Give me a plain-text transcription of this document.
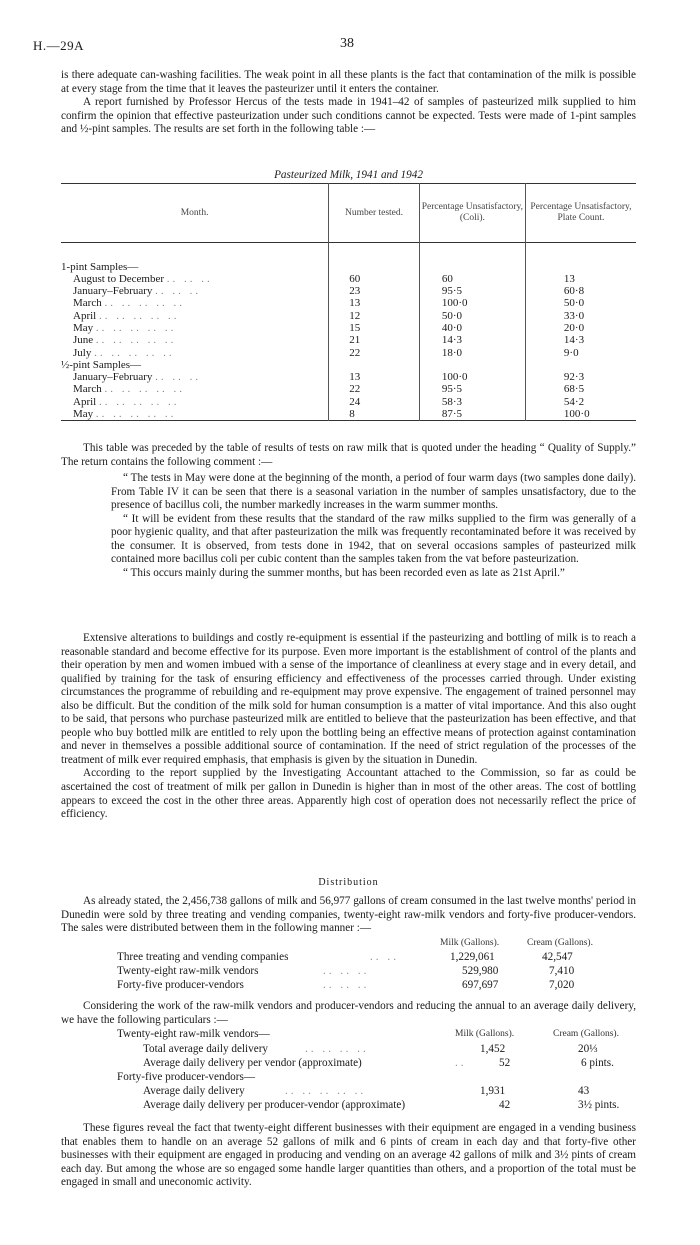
H.—29A	38

is there adequate can-washing facilities. The weak point in all these plants is the fact that contamination of the milk is possible at every stage from the time that it leaves the pasteurizer until it enters the container.

A report furnished by Professor Hercus of the tests made in 1941–42 of samples of pasteurized milk supplied to him confirm the opinion that effective pasteurization under such conditions cannot be expected. Tests were made of 1-pint samples and ½-pint samples. The results are set forth in the following table :—

Pasteurized Milk, 1941 and 1942
Month.	Number tested.	Percentage Unsatisfactory, (Coli).	Percentage Unsatisfactory, Plate Count.

1-pint Samples—			
August to December .. .. ..	60	60	13
January–February .. .. ..	23	95·5	60·8
March .. .. .. .. ..	13	100·0	50·0
April .. .. .. .. ..	12	50·0	33·0
May .. .. .. .. ..	15	40·0	20·0
June .. .. .. .. ..	21	14·3	14·3
July .. .. .. .. ..	22	18·0	9·0
½-pint Samples—			
January–February .. .. ..	13	100·0	92·3
March .. .. .. .. ..	22	95·5	68·5
April .. .. .. .. ..	24	58·3	54·2
May .. .. .. .. ..	8	87·5	100·0

This table was preceded by the table of results of tests on raw milk that is quoted under the heading “ Quality of Supply.” The return contains the following comment :—

“ The tests in May were done at the beginning of the month, a period of four warm days (two samples done daily). From Table IV it can be seen that there is a seasonal variation in the number of samples unsatisfactory, due to the presence of bacillus coli, the number markedly increases in the warm summer months.

“ It will be evident from these results that the standard of the raw milks supplied to the firm was generally of a poor hygienic quality, and that after pasteurization the milk was frequently recontaminated before it was received by the consumer. It is observed, from tests done in 1942, that on several occasions samples of pasteurized milk contained more bacillus coli per cubic content than the samples taken from the vat before pasteurization.

“ This occurs mainly during the summer months, but has been recorded even as late as 21st April.”

Extensive alterations to buildings and costly re-equipment is essential if the pasteurizing and bottling of milk is to reach a reasonable standard and become effective for its purpose. Even more important is the establishment of control of the plants and their operation by men and women imbued with a sense of the importance of cleanliness at every stage and in every detail, and qualified by training for the task of ensuring efficiency and effectiveness of the processes carried through. Under existing circumstances the programme of rebuilding and re-equipment may prove expensive. The engagement of trained personnel may also be difficult. But the condition of the milk sold for human consumption is a matter of vital importance. And this also ought to be said, that persons who purchase pasteurized milk are entitled to believe that the pasteurization has been effective, and that people who buy bottled milk are entitled to rely upon the bottling being an effective means of protection against contamination and never in themselves a possible additional source of contamination. If the need of strict regulation of the processes of the treatment of milk ever required emphasis, that emphasis is given by the situation in Dunedin.

According to the report supplied by the Investigating Accountant attached to the Commission, so far as could be ascertained the cost of treatment of milk per gallon in Dunedin is higher than in most of the other areas. The cost of bottling appears to exceed the cost in the other three areas. Apparently high cost of operation does not necessarily reflect the price of efficiency.

Distribution

As already stated, the 2,456,738 gallons of milk and 56,977 gallons of cream consumed in the last twelve months' period in Dunedin were sold by three treating and vending companies, twenty-eight raw-milk vendors and forty-five producer-vendors. The sales were distributed between them in the following manner :—

Milk (Gallons).	Cream (Gallons).
Three treating and vending companies	.. ..	1,229,061	42,547
Twenty-eight raw-milk vendors	.. .. ..	529,980	7,410
Forty-five producer-vendors	.. .. ..	697,697	7,020

Considering the work of the raw-milk vendors and producer-vendors and reducing the annual to an average daily delivery, we have the following particulars :—

Milk (Gallons).	Cream (Gallons).
Twenty-eight raw-milk vendors—
Total average daily delivery	.. .. .. ..	1,452	20⅓
Average daily delivery per vendor (approximate)	..	52	6 pints.
Forty-five producer-vendors—
Average daily delivery	.. .. .. .. ..	1,931	43
Average daily delivery per producer-vendor (approximate)	42	3½ pints.

These figures reveal the fact that twenty-eight different businesses with their equipment are engaged in a vending business that enables them to handle on an average 52 gallons of milk and 6 pints of cream in each day and that forty-five other businesses with their equipment are engaged in producing and vending on an average 42 gallons of milk and 3½ pints of cream each day. But among the whose are so engaged some handle larger quantities than others, and a proportion of the total must be engaged in small and uneconomic activity.
